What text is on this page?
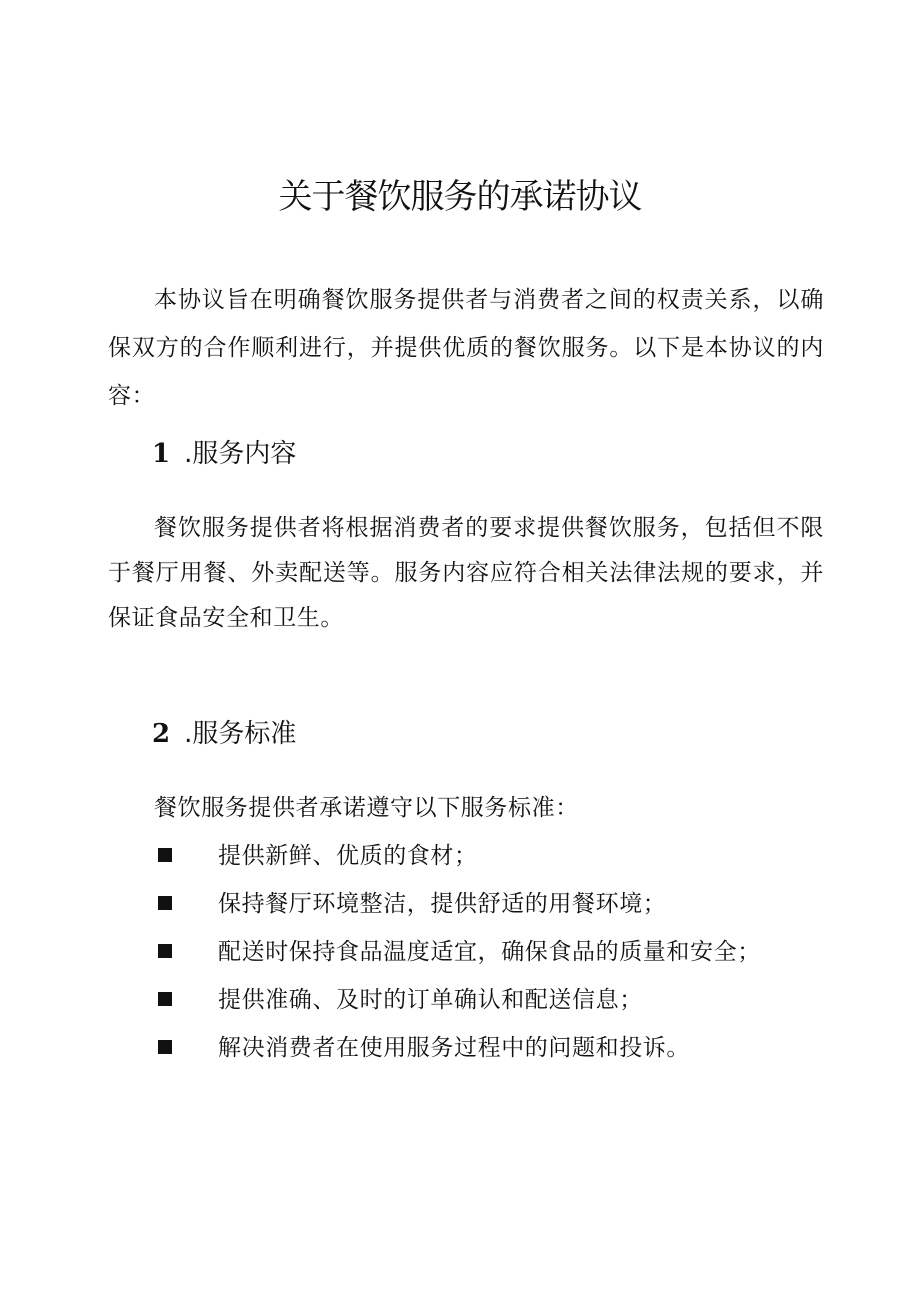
关于餐饮服务的承诺协议

本协议旨在明确餐饮服务提供者与消费者之间的权责关系，以确保双方的合作顺利进行，并提供优质的餐饮服务。以下是本协议的内容：

1 .服务内容

餐饮服务提供者将根据消费者的要求提供餐饮服务，包括但不限于餐厅用餐、外卖配送等。服务内容应符合相关法律法规的要求，并保证食品安全和卫生。

2 .服务标准

餐饮服务提供者承诺遵守以下服务标准：

提供新鲜、优质的食材；
保持餐厅环境整洁，提供舒适的用餐环境；
配送时保持食品温度适宜，确保食品的质量和安全；
提供准确、及时的订单确认和配送信息；
解决消费者在使用服务过程中的问题和投诉。
